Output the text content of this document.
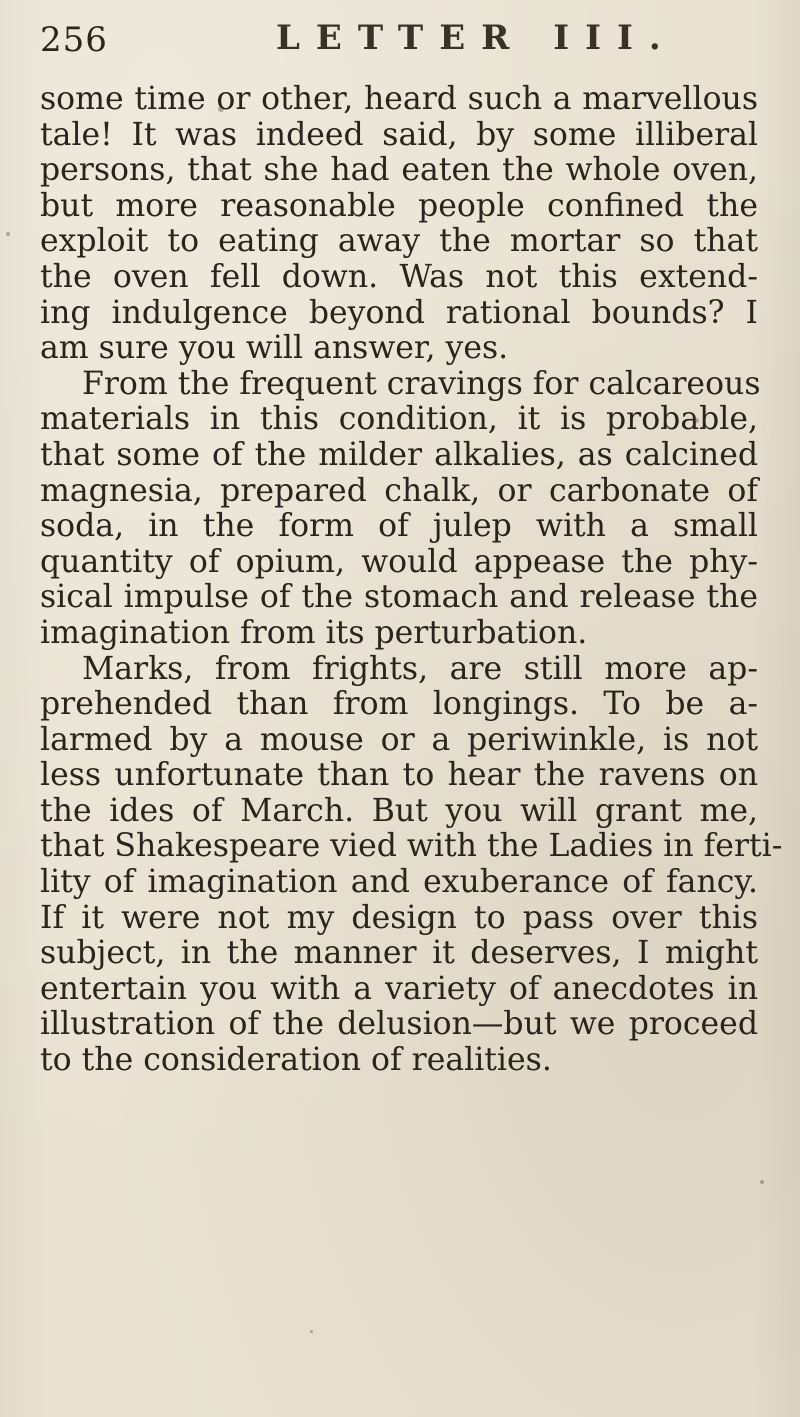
256	LETTER III.
some time or other, heard such a marvellous
tale! It was indeed said, by some illiberal
persons, that she had eaten the whole oven,
but more reasonable people confined the
exploit to eating away the mortar so that
the oven fell down. Was not this extend-
ing indulgence beyond rational bounds? I
am sure you will answer, yes.
From the frequent cravings for calcareous
materials in this condition, it is probable,
that some of the milder alkalies, as calcined
magnesia, prepared chalk, or carbonate of
soda, in the form of julep with a small
quantity of opium, would appease the phy-
sical impulse of the stomach and release the
imagination from its perturbation.
Marks, from frights, are still more ap-
prehended than from longings. To be a-
larmed by a mouse or a periwinkle, is not
less unfortunate than to hear the ravens on
the ides of March. But you will grant me,
that Shakespeare vied with the Ladies in ferti-
lity of imagination and exuberance of fancy.
If it were not my design to pass over this
subject, in the manner it deserves, I might
entertain you with a variety of anecdotes in
illustration of the delusion—but we proceed
to the consideration of realities.
